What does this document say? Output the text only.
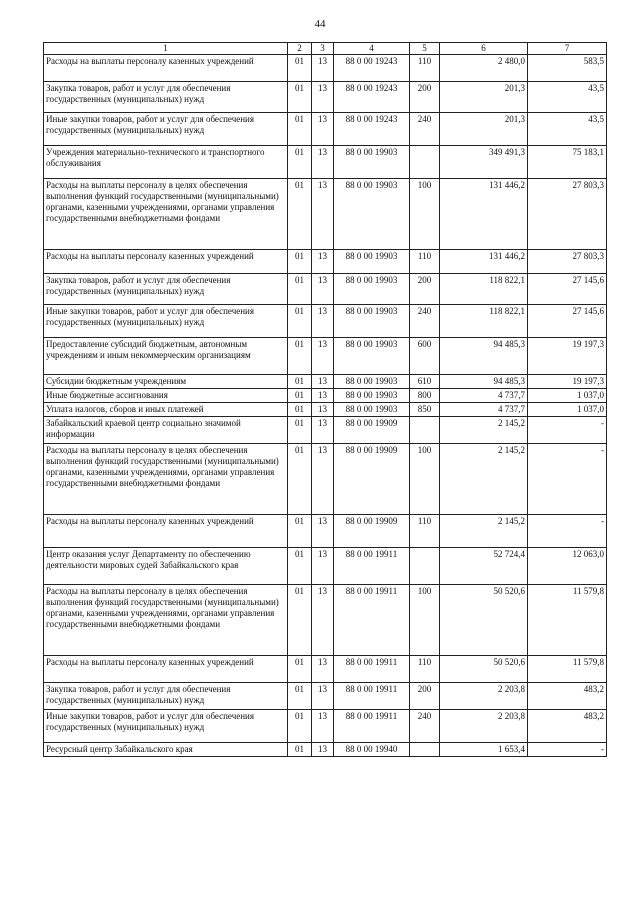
44
1	2	3	4	5	6	7
Расходы на выплаты персоналу казенных учреждений	01	13	88 0 00 19243	110	2 480,0	583,5
Закупка товаров, работ и услуг для обеспечения государственных (муниципальных) нужд	01	13	88 0 00 19243	200	201,3	43,5
Иные закупки товаров, работ и услуг для обеспечения государственных (муниципальных) нужд	01	13	88 0 00 19243	240	201,3	43,5
Учреждения материально-технического и транспортного обслуживания	01	13	88 0 00 19903		349 491,3	75 183,1
Расходы на выплаты персоналу в целях обеспечения выполнения функций государственными (муниципальными) органами, казенными учреждениями, органами управления государственными внебюджетными фондами	01	13	88 0 00 19903	100	131 446,2	27 803,3
Расходы на выплаты персоналу казенных учреждений	01	13	88 0 00 19903	110	131 446,2	27 803,3
Закупка товаров, работ и услуг для обеспечения государственных (муниципальных) нужд	01	13	88 0 00 19903	200	118 822,1	27 145,6
Иные закупки товаров, работ и услуг для обеспечения государственных (муниципальных) нужд	01	13	88 0 00 19903	240	118 822,1	27 145,6
Предоставление субсидий бюджетным, автономным учреждениям и иным некоммерческим организациям	01	13	88 0 00 19903	600	94 485,3	19 197,3
Субсидии бюджетным учреждениям	01	13	88 0 00 19903	610	94 485,3	19 197,3
Иные бюджетные ассигнования	01	13	88 0 00 19903	800	4 737,7	1 037,0
Уплата налогов, сборов и иных платежей	01	13	88 0 00 19903	850	4 737,7	1 037,0
Забайкальский краевой центр социально значимой информации	01	13	88 0 00 19909		2 145,2	-
Расходы на выплаты персоналу в целях обеспечения выполнения функций государственными (муниципальными) органами, казенными учреждениями, органами управления государственными внебюджетными фондами	01	13	88 0 00 19909	100	2 145,2	-
Расходы на выплаты персоналу казенных учреждений	01	13	88 0 00 19909	110	2 145,2	-
Центр оказания услуг Департаменту по обеспечению деятельности мировых судей Забайкальского края	01	13	88 0 00 19911		52 724,4	12 063,0
Расходы на выплаты персоналу в целях обеспечения выполнения функций государственными (муниципальными) органами, казенными учреждениями, органами управления государственными внебюджетными фондами	01	13	88 0 00 19911	100	50 520,6	11 579,8
Расходы на выплаты персоналу казенных учреждений	01	13	88 0 00 19911	110	50 520,6	11 579,8
Закупка товаров, работ и услуг для обеспечения государственных (муниципальных) нужд	01	13	88 0 00 19911	200	2 203,8	483,2
Иные закупки товаров, работ и услуг для обеспечения государственных (муниципальных) нужд	01	13	88 0 00 19911	240	2 203,8	483,2
Ресурсный центр Забайкальского края	01	13	88 0 00 19940		1 653,4	-
